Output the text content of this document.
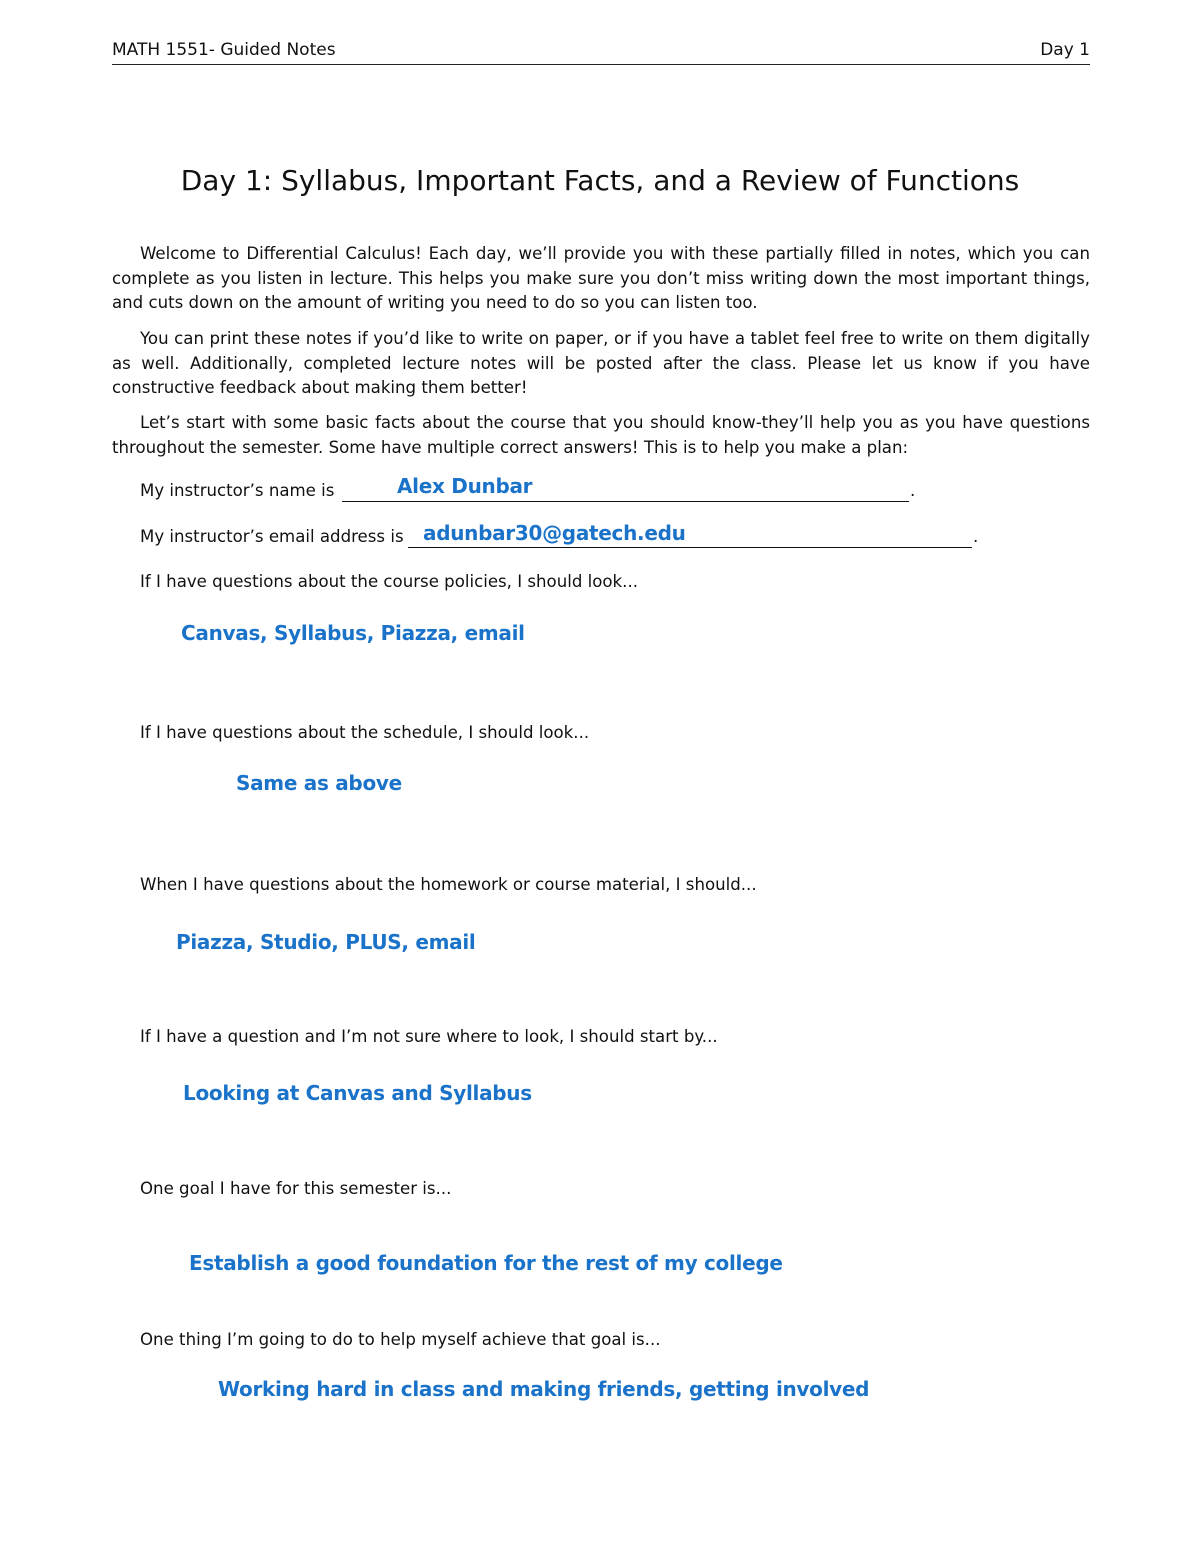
MATH 1551- Guided Notes	Day 1
Day 1: Syllabus, Important Facts, and a Review of Functions

Welcome to Differential Calculus! Each day, we’ll provide you with these partially filled in notes, which you can complete as you listen in lecture. This helps you make sure you don’t miss writing down the most important things, and cuts down on the amount of writing you need to do so you can listen too.

You can print these notes if you’d like to write on paper, or if you have a tablet feel free to write on them digitally as well. Additionally, completed lecture notes will be posted after the class. Please let us know if you have constructive feedback about making them better!

Let’s start with some basic facts about the course that you should know-they’ll help you as you have questions throughout the semester. Some have multiple correct answers! This is to help you make a plan:

My instructor’s name is	.
Alex Dunbar
My instructor’s email address is	.
adunbar30@gatech.edu
If I have questions about the course policies, I should look...
Canvas, Syllabus, Piazza, email
If I have questions about the schedule, I should look...
Same as above
When I have questions about the homework or course material, I should...
Piazza, Studio, PLUS, email
If I have a question and I’m not sure where to look, I should start by...
Looking at Canvas and Syllabus
One goal I have for this semester is...
Establish a good foundation for the rest of my college
One thing I’m going to do to help myself achieve that goal is...
Working hard in class and making friends, getting involved
